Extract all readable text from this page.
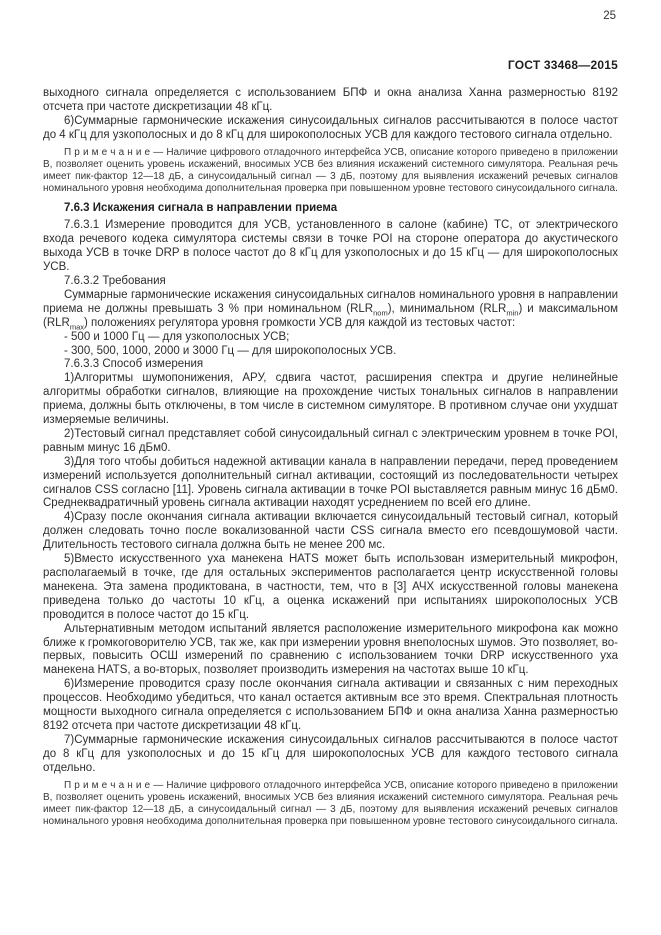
ГОСТ 33468—2015

выходного сигнала определяется с использованием БПФ и окна анализа Ханна размерностью 8192 отсчета при частоте дискретизации 48 кГц.

6)Суммарные гармонические искажения синусоидальных сигналов рассчитываются в полосе частот до 4 кГц для узкополосных и до 8 кГц для широкополосных УСВ для каждого тестового сигнала отдельно.

П р и м е ч а н и е — Наличие цифрового отладочного интерфейса УСВ, описание которого приведено в приложении В, позволяет оценить уровень искажений, вносимых УСВ без влияния искажений системного симулятора. Реальная речь имеет пик-фактор 12—18 дБ, а синусоидальный сигнал — 3 дБ, поэтому для выявления искажений речевых сигналов номинального уровня необходима дополнительная проверка при повышенном уровне тестового синусоидального сигнала.

7.6.3 Искажения сигнала в направлении приема

7.6.3.1 Измерение проводится для УСВ, установленного в салоне (кабине) ТС, от электрического входа речевого кодека симулятора системы связи в точке POI на стороне оператора до акустического выхода УСВ в точке DRP в полосе частот до 8 кГц для узкополосных и до 15 кГц — для широкополосных УСВ.

7.6.3.2 Требования

Суммарные гармонические искажения синусоидальных сигналов номинального уровня в направлении приема не должны превышать 3 % при номинальном $(RLR_{nom})$, минимальном $(RLR_{min})$ и максимальном $(RLR_{max})$ положениях регулятора уровня громкости УСВ для каждой из тестовых частот:

- 500 и 1000 Гц — для узкополосных УСВ;

- 300, 500, 1000, 2000 и 3000 Гц — для широкополосных УСВ.

7.6.3.3 Способ измерения

1)Алгоритмы шумопонижения, АРУ, сдвига частот, расширения спектра и другие нелинейные алгоритмы обработки сигналов, влияющие на прохождение чистых тональных сигналов в направлении приема, должны быть отключены, в том числе в системном симуляторе. В противном случае они ухудшат измеряемые величины.

2)Тестовый сигнал представляет собой синусоидальный сигнал с электрическим уровнем в точке POI, равным минус 16 дБм0.

3)Для того чтобы добиться надежной активации канала в направлении передачи, перед проведением измерений используется дополнительный сигнал активации, состоящий из последовательности четырех сигналов CSS согласно [11]. Уровень сигнала активации в точке POI выставляется равным минус 16 дБм0. Среднеквадратичный уровень сигнала активации находят усреднением по всей его длине.

4)Сразу после окончания сигнала активации включается синусоидальный тестовый сигнал, который должен следовать точно после вокализованной части CSS сигнала вместо его псевдошумовой части. Длительность тестового сигнала должна быть не менее 200 мс.

5)Вместо искусственного уха манекена HATS может быть использован измерительный микрофон, располагаемый в точке, где для остальных экспериментов располагается центр искусственной головы манекена. Эта замена продиктована, в частности, тем, что в [3] АЧХ искусственной головы манекена приведена только до частоты 10 кГц, а оценка искажений при испытаниях широкополосных УСВ проводится в полосе частот до 15 кГц.

Альтернативным методом испытаний является расположение измерительного микрофона как можно ближе к громкоговорителю УСВ, так же, как при измерении уровня внеполосных шумов. Это позволяет, во-первых, повысить ОСШ измерений по сравнению с использованием точки DRP искусственного уха манекена HATS, а во-вторых, позволяет производить измерения на частотах выше 10 кГц.

6)Измерение проводится сразу после окончания сигнала активации и связанных с ним переходных процессов. Необходимо убедиться, что канал остается активным все это время. Спектральная плотность мощности выходного сигнала определяется с использованием БПФ и окна анализа Ханна размерностью 8192 отсчета при частоте дискретизации 48 кГц.

7)Суммарные гармонические искажения синусоидальных сигналов рассчитываются в полосе частот до 8 кГц для узкополосных и до 15 кГц для широкополосных УСВ для каждого тестового сигнала отдельно.

П р и м е ч а н и е — Наличие цифрового отладочного интерфейса УСВ, описание которого приведено в приложении В, позволяет оценить уровень искажений, вносимых УСВ без влияния искажений системного симулятора. Реальная речь имеет пик-фактор 12—18 дБ, а синусоидальный сигнал — 3 дБ, поэтому для выявления искажений речевых сигналов номинального уровня необходима дополнительная проверка при повышенном уровне тестового синусоидального сигнала.

25
